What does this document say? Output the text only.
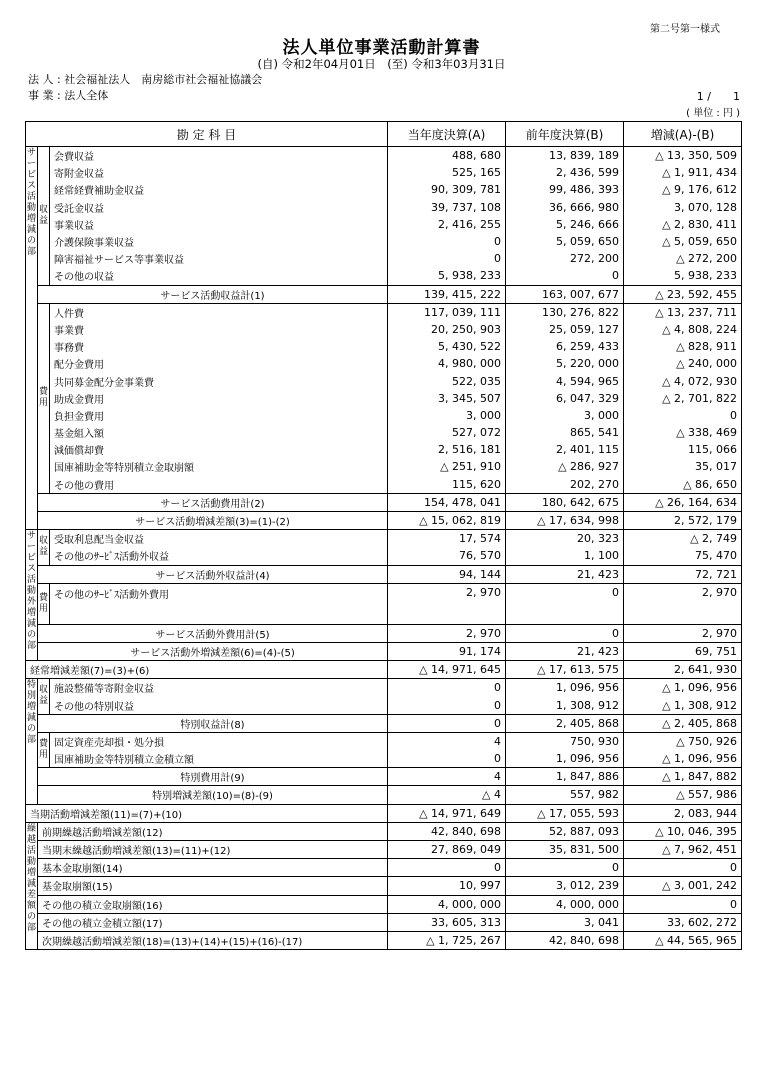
第二号第一様式
法人単位事業活動計算書
(自) 令和2年04月01日　(至) 令和3年03月31日
法 人 : 社会福祉法人　南房総市社会福祉協議会
事 業 : 法人全体	1 /　　1
( 単位 : 円 )
勘 定 科 目			当年度決算(A)	前年度決算(B)	増減(A)-(B)
サービス活動増減の部	収益	会費収益	488, 680	13, 839, 189	△ 13, 350, 509
		寄附金収益	525, 165	2, 436, 599	△ 1, 911, 434
		経常経費補助金収益	90, 309, 781	99, 486, 393	△ 9, 176, 612
		受託金収益	39, 737, 108	36, 666, 980	3, 070, 128
		事業収益	2, 416, 255	5, 246, 666	△ 2, 830, 411
		介護保険事業収益	0	5, 059, 650	△ 5, 059, 650
		障害福祉サービス等事業収益	0	272, 200	△ 272, 200
		その他の収益	5, 938, 233	0	5, 938, 233
	サービス活動収益計(1)		139, 415, 222	163, 007, 677	△ 23, 592, 455
	費用	人件費	117, 039, 111	130, 276, 822	△ 13, 237, 711
		事業費	20, 250, 903	25, 059, 127	△ 4, 808, 224
		事務費	5, 430, 522	6, 259, 433	△ 828, 911
		配分金費用	4, 980, 000	5, 220, 000	△ 240, 000
		共同募金配分金事業費	522, 035	4, 594, 965	△ 4, 072, 930
		助成金費用	3, 345, 507	6, 047, 329	△ 2, 701, 822
		負担金費用	3, 000	3, 000	0
		基金組入額	527, 072	865, 541	△ 338, 469
		減価償却費	2, 516, 181	2, 401, 115	115, 066
		国庫補助金等特別積立金取崩額	△ 251, 910	△ 286, 927	35, 017
		その他の費用	115, 620	202, 270	△ 86, 650
	サービス活動費用計(2)		154, 478, 041	180, 642, 675	△ 26, 164, 634
	サービス活動増減差額(3)=(1)-(2)		△ 15, 062, 819	△ 17, 634, 998	2, 572, 179
サービス活動外増減の部	収益	受取利息配当金収益	17, 574	20, 323	△ 2, 749
		その他のｻｰﾋﾞｽ活動外収益	76, 570	1, 100	75, 470
	サービス活動外収益計(4)		94, 144	21, 423	72, 721
	費用	その他のｻｰﾋﾞｽ活動外費用	2, 970	0	2, 970
	サービス活動外費用計(5)		2, 970	0	2, 970
	サービス活動外増減差額(6)=(4)-(5)		91, 174	21, 423	69, 751
経常増減差額(7)=(3)+(6)			△ 14, 971, 645	△ 17, 613, 575	2, 641, 930
特別増減の部	収益	施設整備等寄附金収益	0	1, 096, 956	△ 1, 096, 956
		その他の特別収益	0	1, 308, 912	△ 1, 308, 912
	特別収益計(8)		0	2, 405, 868	△ 2, 405, 868
	費用	固定資産売却損・処分損	4	750, 930	△ 750, 926
		国庫補助金等特別積立金積立額	0	1, 096, 956	△ 1, 096, 956
	特別費用計(9)		4	1, 847, 886	△ 1, 847, 882
	特別増減差額(10)=(8)-(9)		△ 4	557, 982	△ 557, 986
当期活動増減差額(11)=(7)+(10)			△ 14, 971, 649	△ 17, 055, 593	2, 083, 944
繰越活動増減差額の部	前期繰越活動増減差額(12)		42, 840, 698	52, 887, 093	△ 10, 046, 395
	当期末繰越活動増減差額(13)=(11)+(12)		27, 869, 049	35, 831, 500	△ 7, 962, 451
	基本金取崩額(14)		0	0	0
	基金取崩額(15)		10, 997	3, 012, 239	△ 3, 001, 242
	その他の積立金取崩額(16)		4, 000, 000	4, 000, 000	0
	その他の積立金積立額(17)		33, 605, 313	3, 041	33, 602, 272
	次期繰越活動増減差額(18)=(13)+(14)+(15)+(16)-(17)		△ 1, 725, 267	42, 840, 698	△ 44, 565, 965
